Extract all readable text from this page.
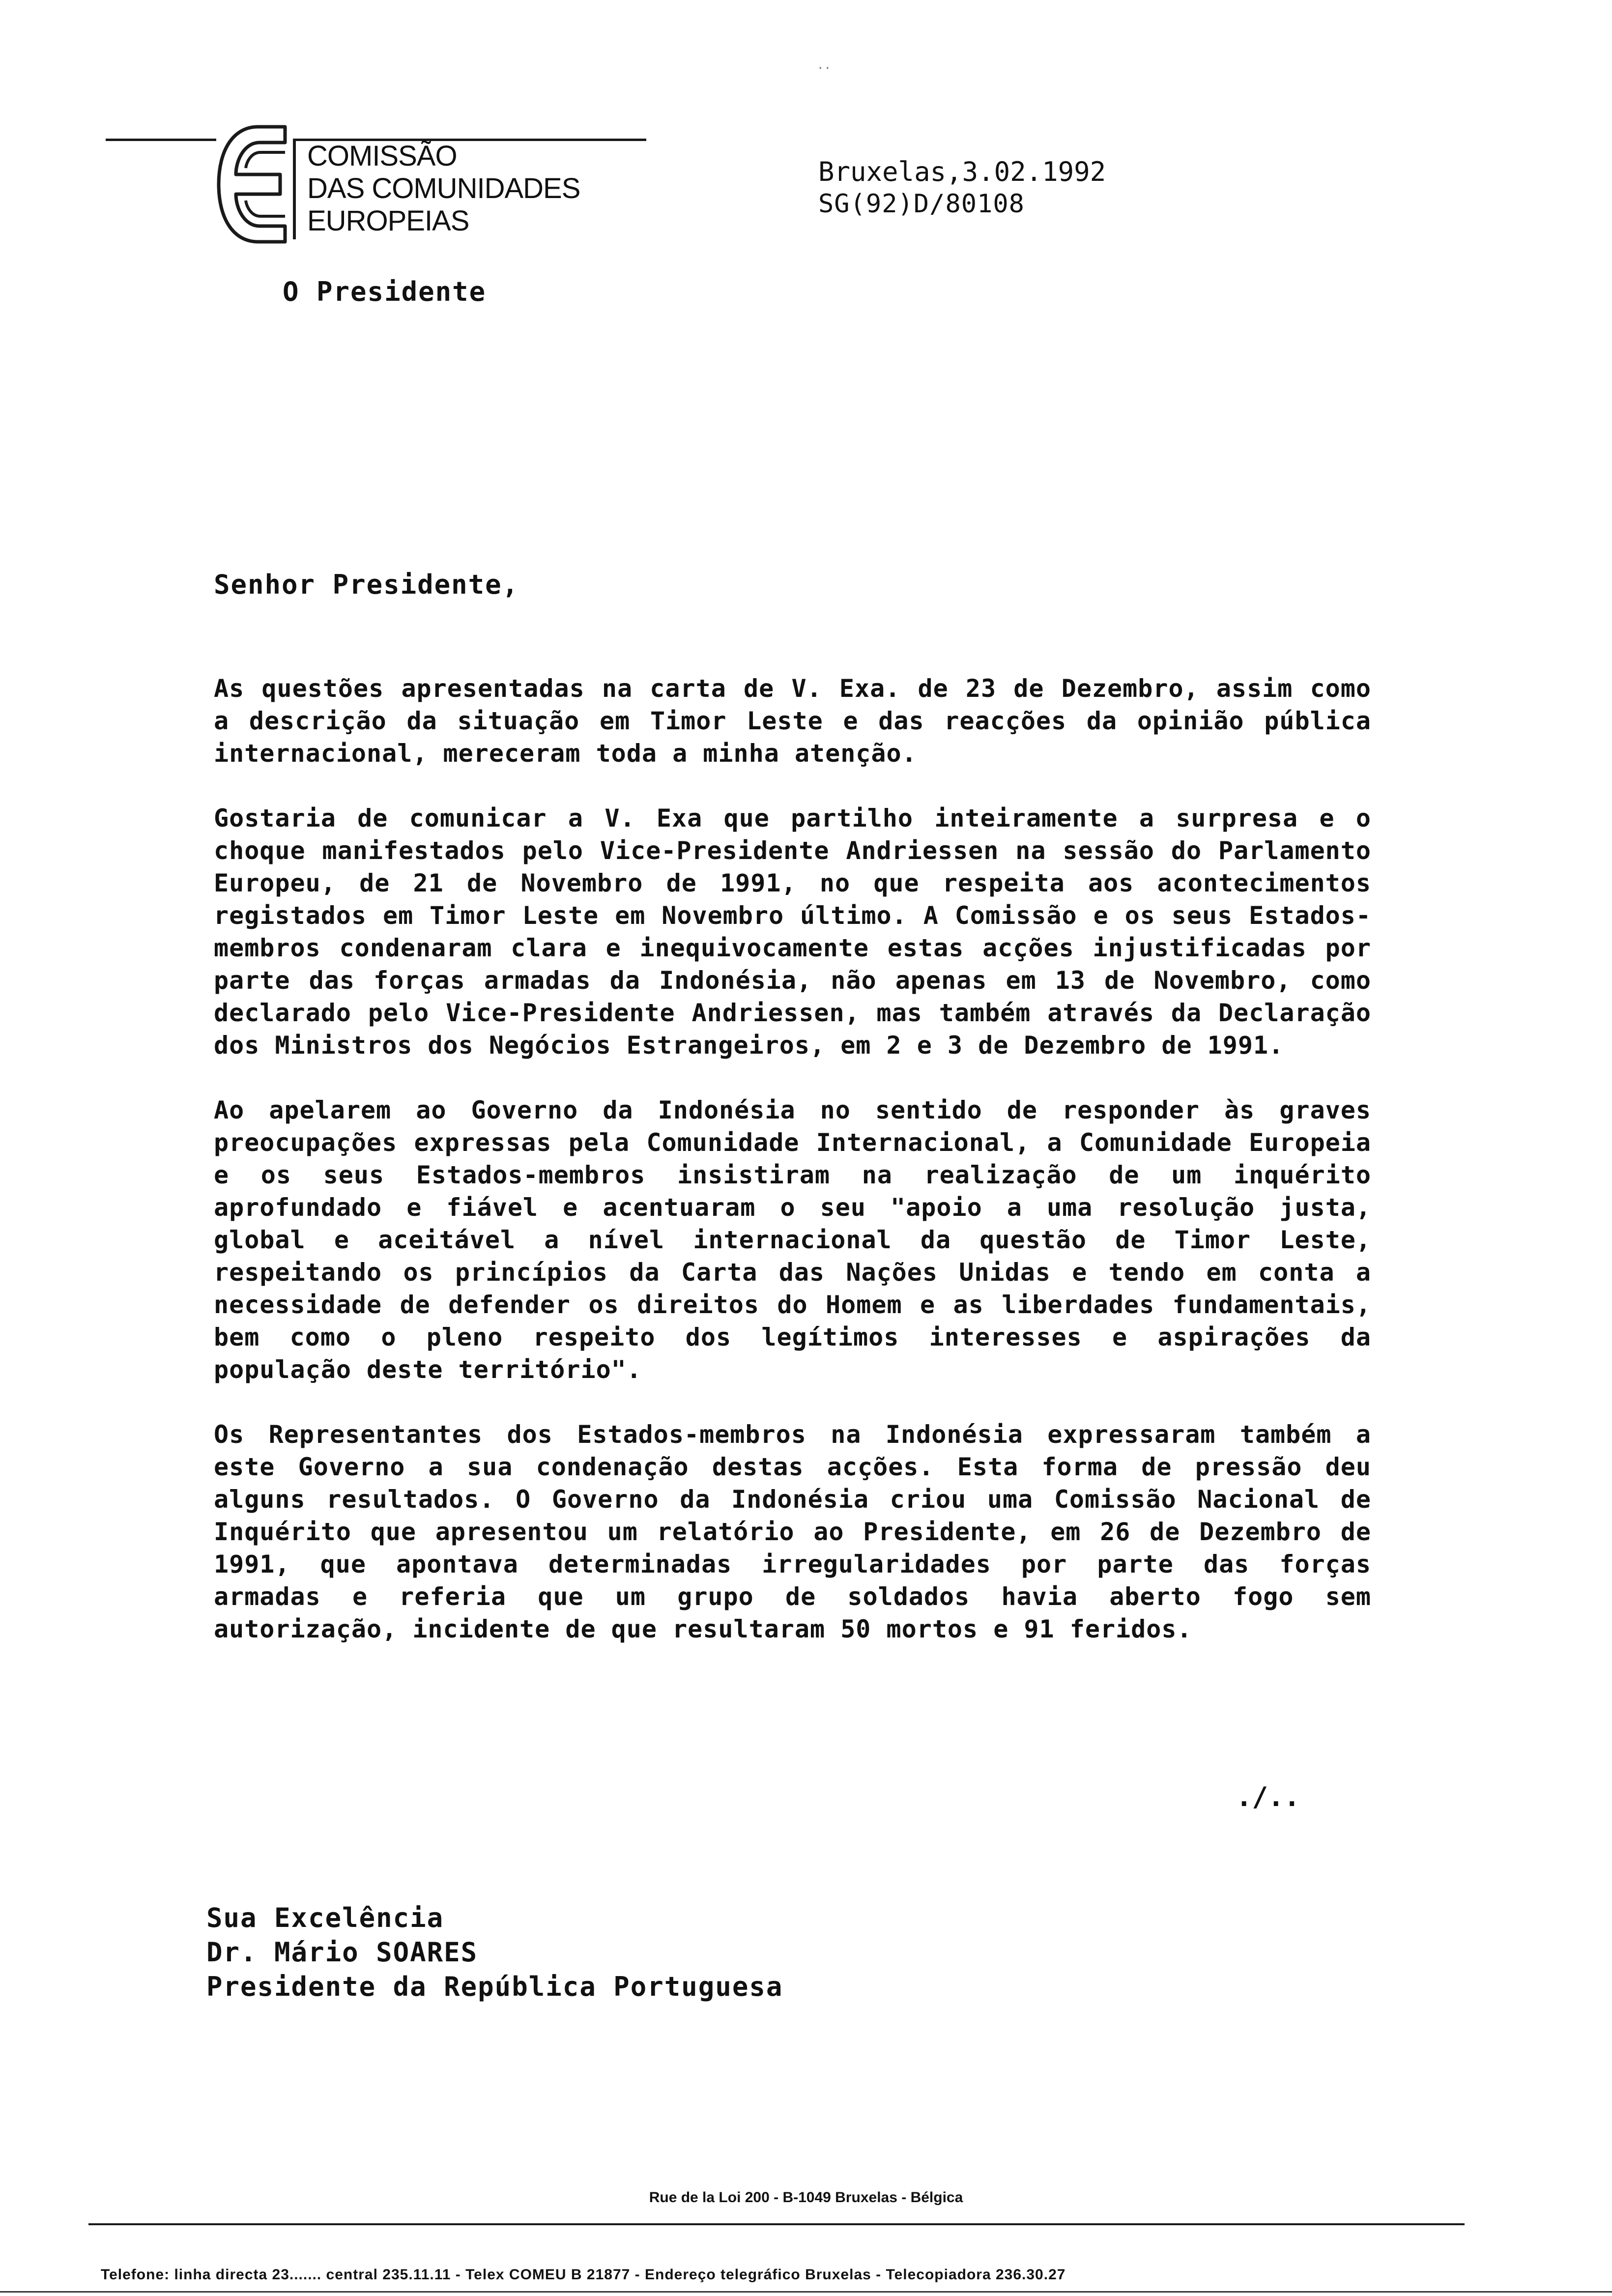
..
COMISSÃO
DAS COMUNIDADES
EUROPEIAS
Bruxelas,3.02.1992
SG(92)D/80108
O Presidente
Senhor Presidente,

As questões apresentadas na carta de V. Exa. de 23 de Dezembro, assim como a descrição da situação em Timor Leste e das reacções da opinião pública internacional, mereceram toda a minha atenção.

Gostaria de comunicar a V. Exa que partilho inteiramente a surpresa e o choque manifestados pelo Vice-Presidente Andriessen na sessão do Parlamento Europeu, de 21 de Novembro de 1991, no que respeita aos acontecimentos registados em Timor Leste em Novembro último. A Comissão e os seus Estados-membros condenaram clara e inequivocamente estas acções injustificadas por parte das forças armadas da Indonésia, não apenas em 13 de Novembro, como declarado pelo Vice-Presidente Andriessen, mas também através da Declaração dos Ministros dos Negócios Estrangeiros, em 2 e 3 de Dezembro de 1991.

Ao apelarem ao Governo da Indonésia no sentido de responder às graves preocupações expressas pela Comunidade Internacional, a Comunidade Europeia e os seus Estados-membros insistiram na realização de um inquérito aprofundado e fiável e acentuaram o seu "apoio a uma resolução justa, global e aceitável a nível internacional da questão de Timor Leste, respeitando os princípios da Carta das Nações Unidas e tendo em conta a necessidade de defender os direitos do Homem e as liberdades fundamentais, bem como o pleno respeito dos legítimos interesses e aspirações da população deste território".

Os Representantes dos Estados-membros na Indonésia expressaram também a este Governo a sua condenação destas acções. Esta forma de pressão deu alguns resultados. O Governo da Indonésia criou uma Comissão Nacional de Inquérito que apresentou um relatório ao Presidente, em 26 de Dezembro de 1991, que apontava determinadas irregularidades por parte das forças armadas e referia que um grupo de soldados havia aberto fogo sem autorização, incidente de que resultaram 50 mortos e 91 feridos.

./..
Sua Excelência
Dr. Mário SOARES
Presidente da República Portuguesa
Rue de la Loi 200 - B-1049 Bruxelas - Bélgica
Telefone: linha directa 23....... central 235.11.11 - Telex COMEU B 21877 - Endereço telegráfico Bruxelas - Telecopiadora 236.30.27
